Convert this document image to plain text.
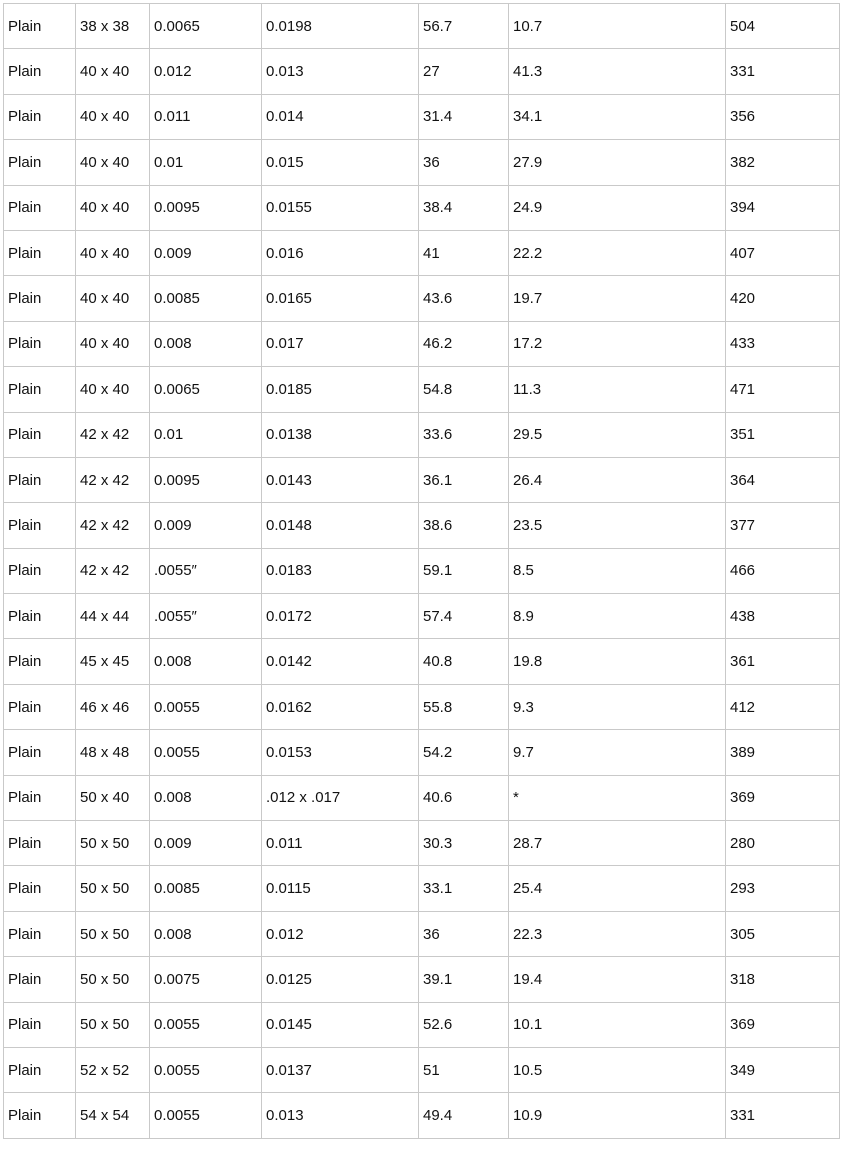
Plain	38 x 38	0.0065	0.0198	56.7	10.7	504
Plain	40 x 40	0.012	0.013	27	41.3	331
Plain	40 x 40	0.011	0.014	31.4	34.1	356
Plain	40 x 40	0.01	0.015	36	27.9	382
Plain	40 x 40	0.0095	0.0155	38.4	24.9	394
Plain	40 x 40	0.009	0.016	41	22.2	407
Plain	40 x 40	0.0085	0.0165	43.6	19.7	420
Plain	40 x 40	0.008	0.017	46.2	17.2	433
Plain	40 x 40	0.0065	0.0185	54.8	11.3	471
Plain	42 x 42	0.01	0.0138	33.6	29.5	351
Plain	42 x 42	0.0095	0.0143	36.1	26.4	364
Plain	42 x 42	0.009	0.0148	38.6	23.5	377
Plain	42 x 42	.0055″	0.0183	59.1	8.5	466
Plain	44 x 44	.0055″	0.0172	57.4	8.9	438
Plain	45 x 45	0.008	0.0142	40.8	19.8	361
Plain	46 x 46	0.0055	0.0162	55.8	9.3	412
Plain	48 x 48	0.0055	0.0153	54.2	9.7	389
Plain	50 x 40	0.008	.012 x .017	40.6	*	369
Plain	50 x 50	0.009	0.011	30.3	28.7	280
Plain	50 x 50	0.0085	0.0115	33.1	25.4	293
Plain	50 x 50	0.008	0.012	36	22.3	305
Plain	50 x 50	0.0075	0.0125	39.1	19.4	318
Plain	50 x 50	0.0055	0.0145	52.6	10.1	369
Plain	52 x 52	0.0055	0.0137	51	10.5	349
Plain	54 x 54	0.0055	0.013	49.4	10.9	331
